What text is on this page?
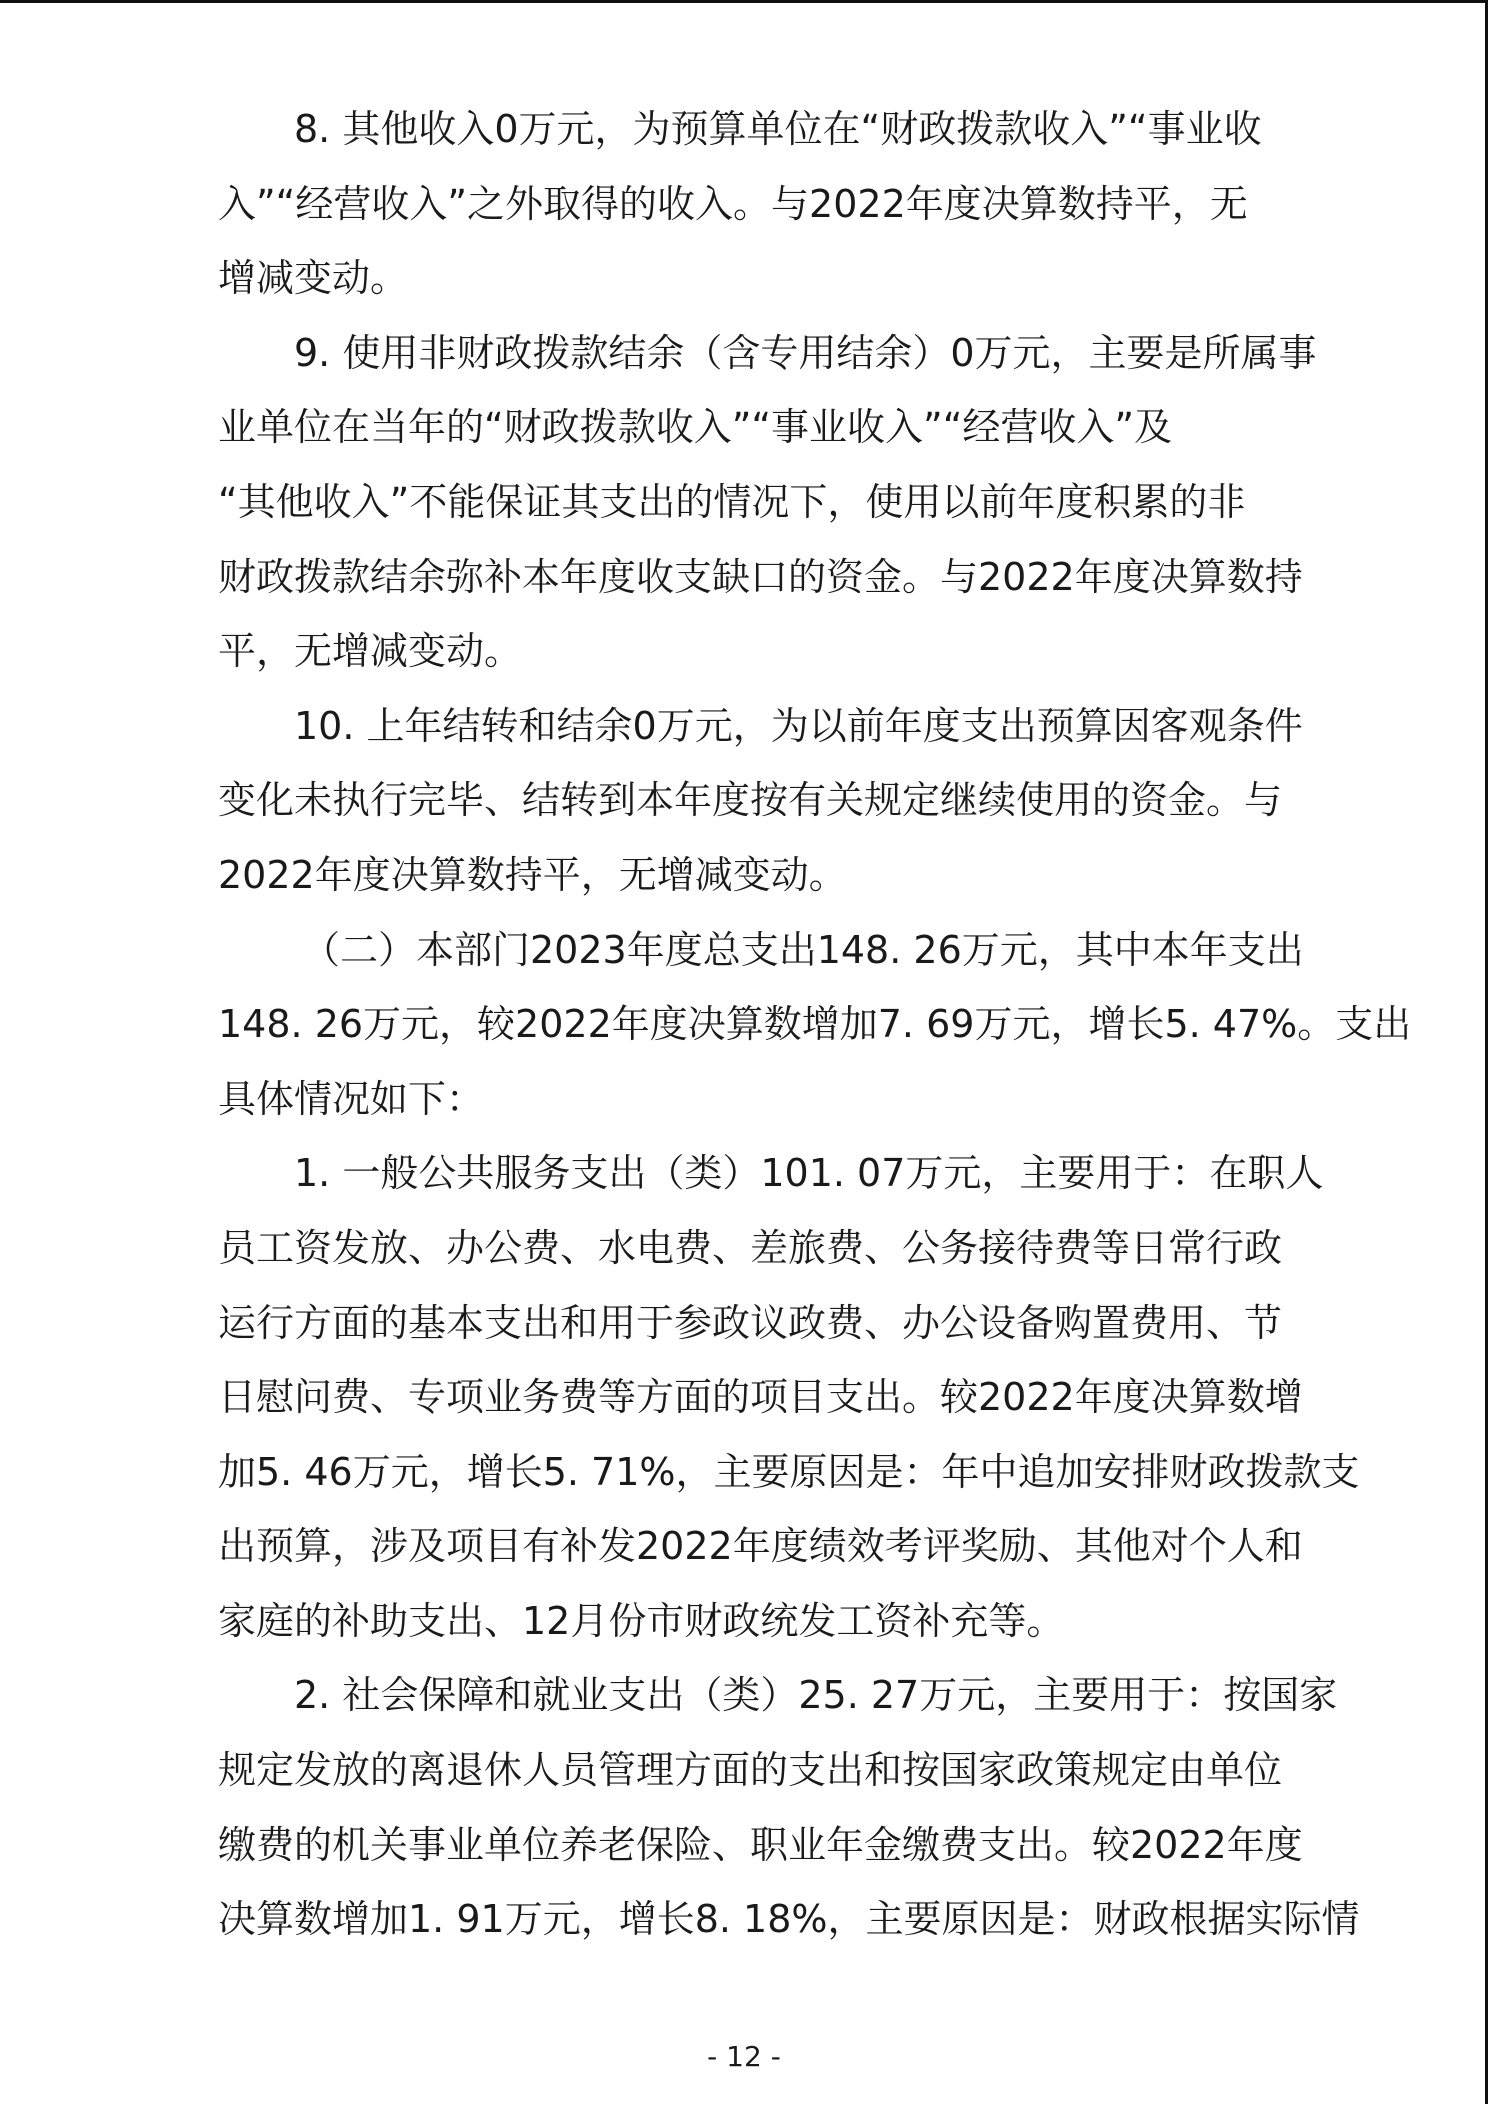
8. 其他收入0万元，为预算单位在“财政拨款收入”“事业收
入”“经营收入”之外取得的收入。与2022年度决算数持平，无
增减变动。
9. 使用非财政拨款结余（含专用结余）0万元，主要是所属事
业单位在当年的“财政拨款收入”“事业收入”“经营收入”及
“其他收入”不能保证其支出的情况下，使用以前年度积累的非
财政拨款结余弥补本年度收支缺口的资金。与2022年度决算数持
平，无增减变动。
10. 上年结转和结余0万元，为以前年度支出预算因客观条件
变化未执行完毕、结转到本年度按有关规定继续使用的资金。与
2022年度决算数持平，无增减变动。
（二）本部门2023年度总支出148. 26万元，其中本年支出
148. 26万元，较2022年度决算数增加7. 69万元，增长5. 47%。支出
具体情况如下：
1. 一般公共服务支出（类）101. 07万元，主要用于：在职人
员工资发放、办公费、水电费、差旅费、公务接待费等日常行政
运行方面的基本支出和用于参政议政费、办公设备购置费用、节
日慰问费、专项业务费等方面的项目支出。较2022年度决算数增
加5. 46万元，增长5. 71%，主要原因是：年中追加安排财政拨款支
出预算，涉及项目有补发2022年度绩效考评奖励、其他对个人和
家庭的补助支出、12月份市财政统发工资补充等。
2. 社会保障和就业支出（类）25. 27万元，主要用于：按国家
规定发放的离退休人员管理方面的支出和按国家政策规定由单位
缴费的机关事业单位养老保险、职业年金缴费支出。较2022年度
决算数增加1. 91万元，增长8. 18%，主要原因是：财政根据实际情
- 12 -
